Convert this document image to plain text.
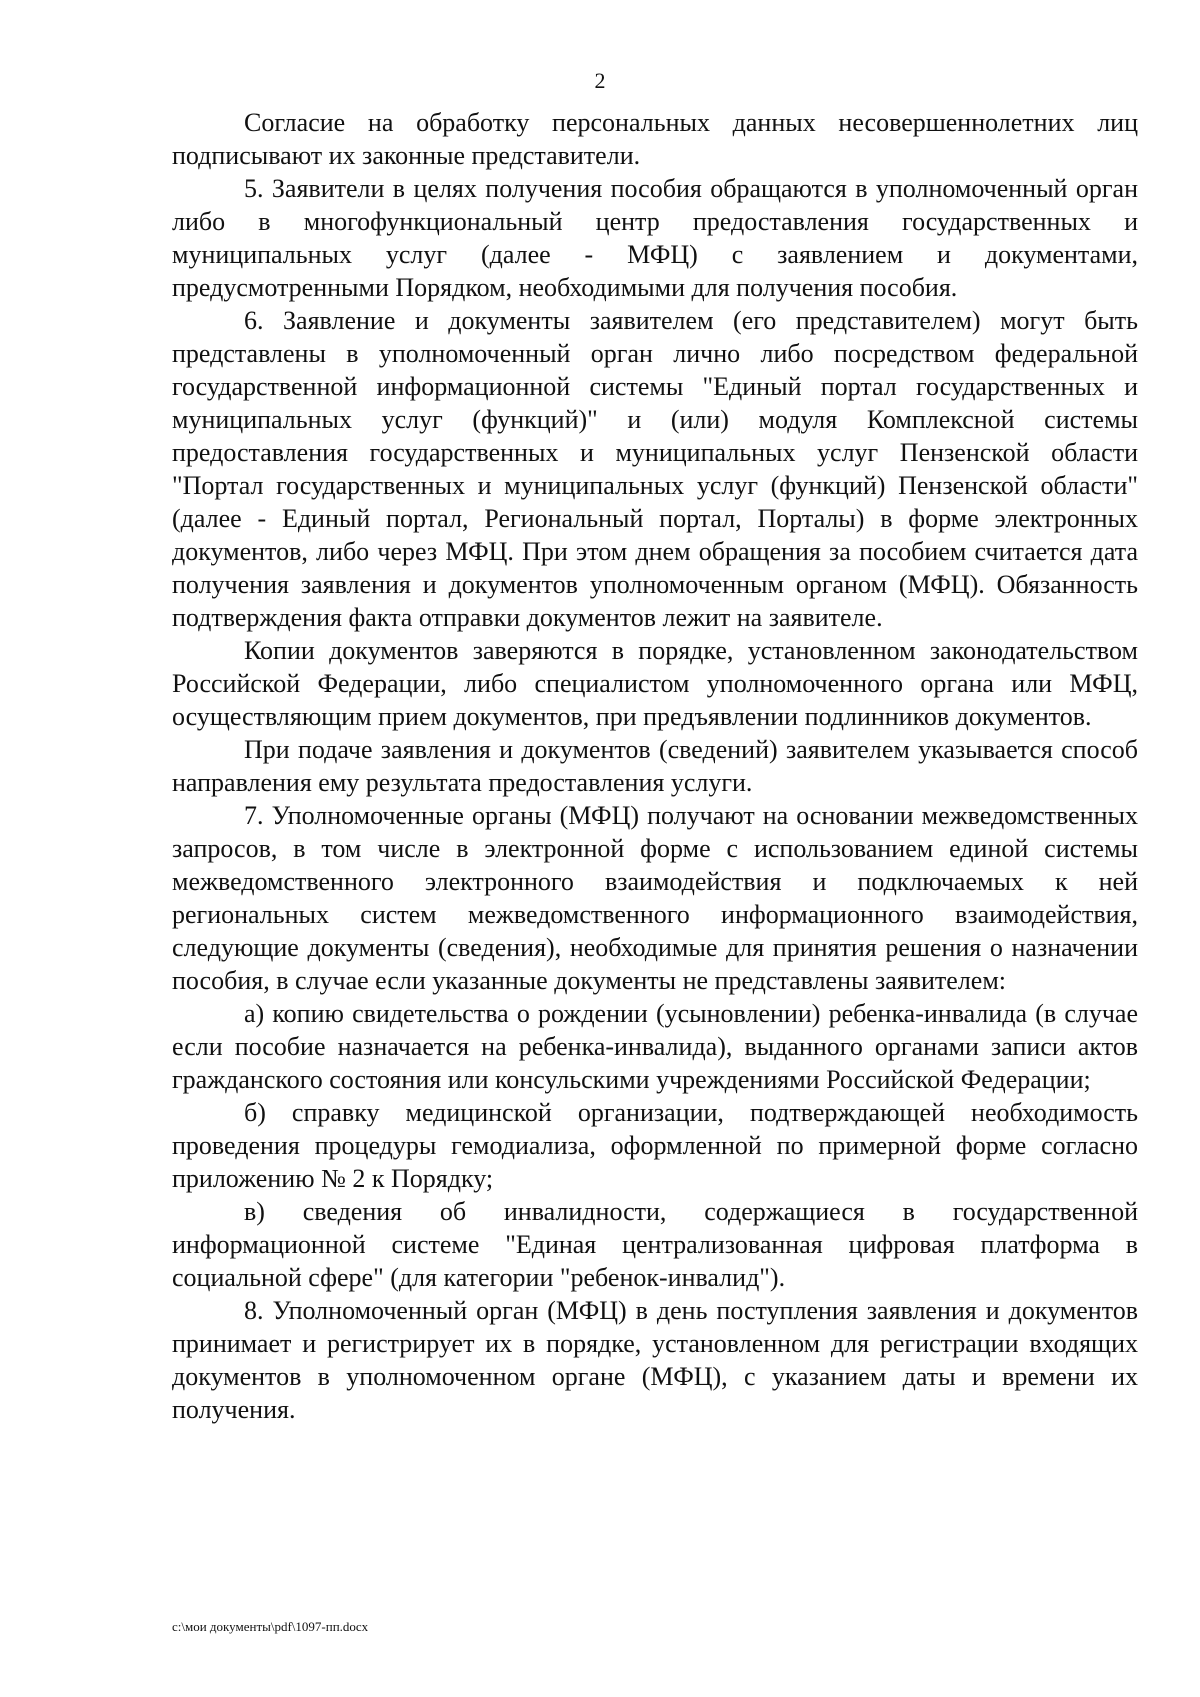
2

Согласие на обработку персональных данных несовершеннолетних лиц подписывают их законные представители.

5. Заявители в целях получения пособия обращаются в уполномоченный орган либо в многофункциональный центр предоставления государственных и муниципальных услуг (далее - МФЦ) с заявлением и документами, предусмотренными Порядком, необходимыми для получения пособия.

6. Заявление и документы заявителем (его представителем) могут быть представлены в уполномоченный орган лично либо посредством федеральной государственной информационной системы "Единый портал государственных и муниципальных услуг (функций)" и (или) модуля Комплексной системы предоставления государственных и муниципальных услуг Пензенской области "Портал государственных и муниципальных услуг (функций) Пензенской области" (далее - Единый портал, Региональный портал, Порталы) в форме электронных документов, либо через МФЦ. При этом днем обращения за пособием считается дата получения заявления и документов уполномоченным органом (МФЦ). Обязанность подтверждения факта отправки документов лежит на заявителе.

Копии документов заверяются в порядке, установленном законодательством Российской Федерации, либо специалистом уполномоченного органа или МФЦ, осуществляющим прием документов, при предъявлении подлинников документов.

При подаче заявления и документов (сведений) заявителем указывается способ направления ему результата предоставления услуги.

7. Уполномоченные органы (МФЦ) получают на основании межведомственных запросов, в том числе в электронной форме с использованием единой системы межведомственного электронного взаимодействия и подключаемых к ней региональных систем межведомственного информационного взаимодействия, следующие документы (сведения), необходимые для принятия решения о назначении пособия, в случае если указанные документы не представлены заявителем:

а) копию свидетельства о рождении (усыновлении) ребенка-инвалида (в случае если пособие назначается на ребенка-инвалида), выданного органами записи актов гражданского состояния или консульскими учреждениями Российской Федерации;

б) справку медицинской организации, подтверждающей необходимость проведения процедуры гемодиализа, оформленной по примерной форме согласно приложению № 2 к Порядку;

в) сведения об инвалидности, содержащиеся в государственной информационной системе "Единая централизованная цифровая платформа в социальной сфере" (для категории "ребенок-инвалид").

8. Уполномоченный орган (МФЦ) в день поступления заявления и документов принимает и регистрирует их в порядке, установленном для регистрации входящих документов в уполномоченном органе (МФЦ), с указанием даты и времени их получения.

c:\мои документы\pdf\1097-пп.docx
